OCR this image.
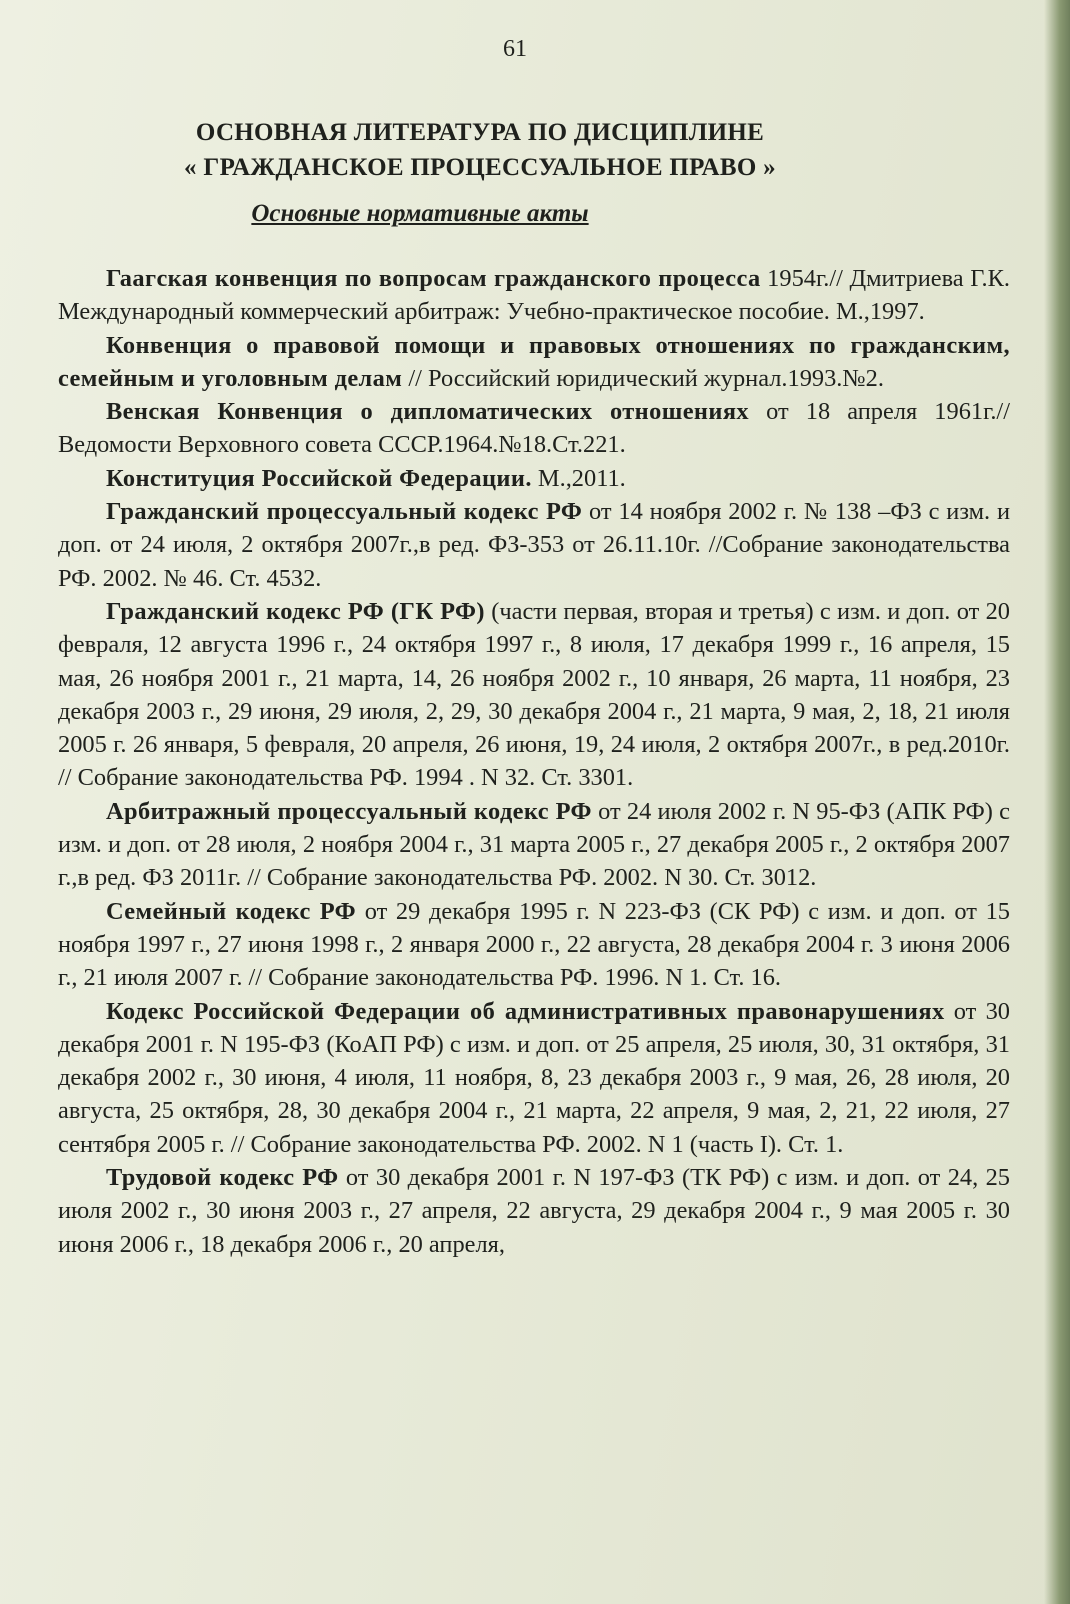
61
ОСНОВНАЯ ЛИТЕРАТУРА ПО ДИСЦИПЛИНЕ
« ГРАЖДАНСКОЕ ПРОЦЕССУАЛЬНОЕ ПРАВО »
Основные нормативные акты

Гаагская конвенция по вопросам гражданского процесса 1954г.// Дмитриева Г.К. Международный коммерческий арбитраж: Учебно-практическое пособие. М.,1997.

Конвенция о правовой помощи и правовых отношениях по гражданским, семейным и уголовным делам // Российский юридический журнал.1993.№2.

Венская Конвенция о дипломатических отношениях от 18 апреля 1961г.// Ведомости Верховного совета СССР.1964.№18.Ст.221.

Конституция Российской Федерации. М.,2011.

Гражданский процессуальный кодекс РФ от 14 ноября 2002 г. № 138 –ФЗ с изм. и доп. от 24 июля, 2 октября 2007г.,в ред. ФЗ-353 от 26.11.10г. //Собрание законодательства РФ. 2002. № 46. Ст. 4532.

Гражданский кодекс РФ (ГК РФ) (части первая, вторая и третья) с изм. и доп. от 20 февраля, 12 августа 1996 г., 24 октября 1997 г., 8 июля, 17 декабря 1999 г., 16 апреля, 15 мая, 26 ноября 2001 г., 21 марта, 14, 26 ноября 2002 г., 10 января, 26 марта, 11 ноября, 23 декабря 2003 г., 29 июня, 29 июля, 2, 29, 30 декабря 2004 г., 21 марта, 9 мая, 2, 18, 21 июля 2005 г. 26 января, 5 февраля, 20 апреля, 26 июня, 19, 24 июля, 2 октября 2007г., в ред.2010г. // Собрание законодательства РФ. 1994 . N 32. Ст. 3301.

Арбитражный процессуальный кодекс РФ от 24 июля 2002 г. N 95-ФЗ (АПК РФ) с изм. и доп. от 28 июля, 2 ноября 2004 г., 31 марта 2005 г., 27 декабря 2005 г., 2 октября 2007 г.,в ред. ФЗ 2011г. // Собрание законодательства РФ. 2002. N 30. Ст. 3012.

Семейный кодекс РФ от 29 декабря 1995 г. N 223-ФЗ (СК РФ) с изм. и доп. от 15 ноября 1997 г., 27 июня 1998 г., 2 января 2000 г., 22 августа, 28 декабря 2004 г. 3 июня 2006 г., 21 июля 2007 г. // Собрание законодательства РФ. 1996. N 1. Ст. 16.

Кодекс Российской Федерации об административных правонарушениях от 30 декабря 2001 г. N 195-ФЗ (КоАП РФ) с изм. и доп. от 25 апреля, 25 июля, 30, 31 октября, 31 декабря 2002 г., 30 июня, 4 июля, 11 ноября, 8, 23 декабря 2003 г., 9 мая, 26, 28 июля, 20 августа, 25 октября, 28, 30 декабря 2004 г., 21 марта, 22 апреля, 9 мая, 2, 21, 22 июля, 27 сентября 2005 г. // Собрание законодательства РФ. 2002. N 1 (часть I). Ст. 1.

Трудовой кодекс РФ от 30 декабря 2001 г. N 197-ФЗ (ТК РФ) с изм. и доп. от 24, 25 июля 2002 г., 30 июня 2003 г., 27 апреля, 22 августа, 29 декабря 2004 г., 9 мая 2005 г. 30 июня 2006 г., 18 декабря 2006 г., 20 апреля,
